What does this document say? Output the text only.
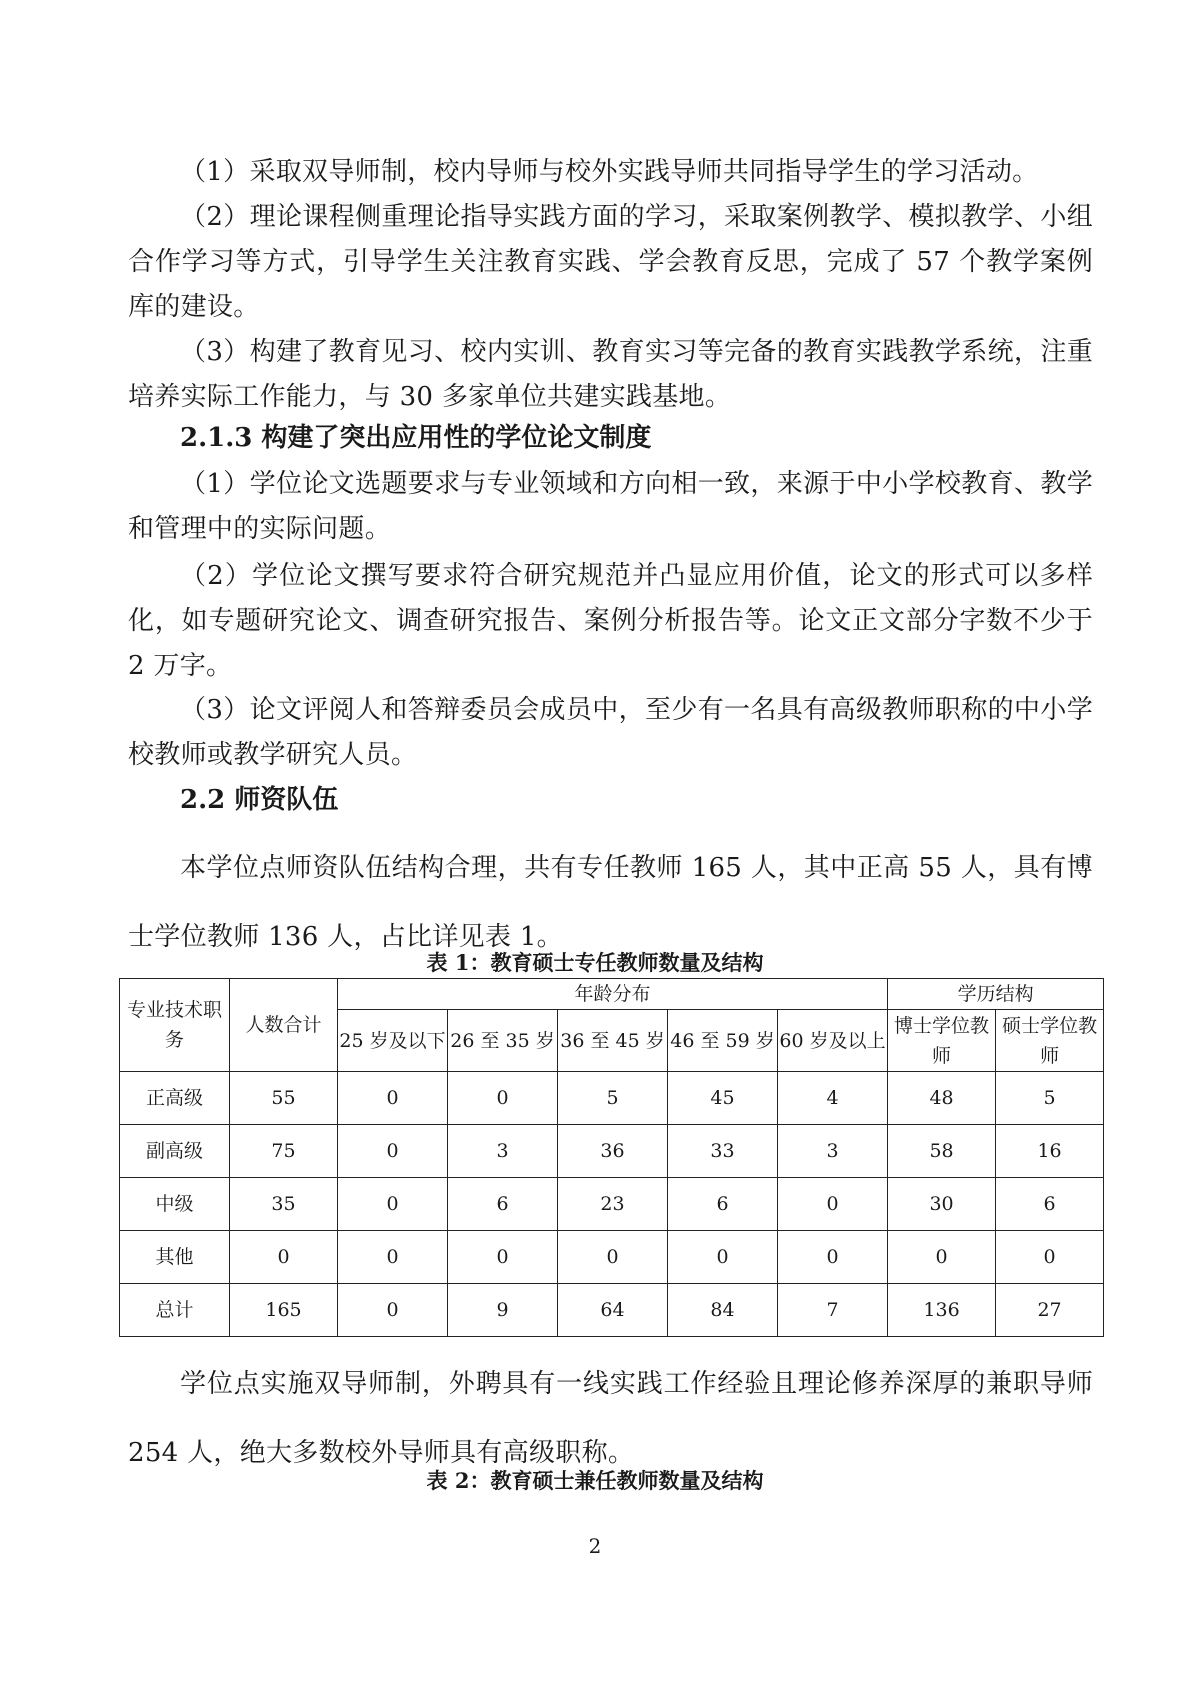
（1）采取双导师制，校内导师与校外实践导师共同指导学生的学习活动。

（2）理论课程侧重理论指导实践方面的学习，采取案例教学、模拟教学、小组合作学习等方式，引导学生关注教育实践、学会教育反思，完成了 57 个教学案例库的建设。

（3）构建了教育见习、校内实训、教育实习等完备的教育实践教学系统，注重培养实际工作能力，与 30 多家单位共建实践基地。

2.1.3 构建了突出应用性的学位论文制度

（1）学位论文选题要求与专业领域和方向相一致，来源于中小学校教育、教学和管理中的实际问题。

（2）学位论文撰写要求符合研究规范并凸显应用价值，论文的形式可以多样化，如专题研究论文、调查研究报告、案例分析报告等。论文正文部分字数不少于 2 万字。

（3）论文评阅人和答辩委员会成员中，至少有一名具有高级教师职称的中小学校教师或教学研究人员。

2.2 师资队伍

本学位点师资队伍结构合理，共有专任教师 165 人，其中正高 55 人，具有博士学位教师 136 人，占比详见表 1。

表 1：教育硕士专任教师数量及结构

专业技术职务	人数合计	年龄分布					学历结构	
		25 岁及以下	26 至 35 岁	36 至 45 岁	46 至 59 岁	60 岁及以上	博士学位教师	硕士学位教师
正高级	55	0	0	5	45	4	48	5
副高级	75	0	3	36	33	3	58	16
中级	35	0	6	23	6	0	30	6
其他	0	0	0	0	0	0	0	0
总计	165	0	9	64	84	7	136	27

学位点实施双导师制，外聘具有一线实践工作经验且理论修养深厚的兼职导师 254 人，绝大多数校外导师具有高级职称。

表 2：教育硕士兼任教师数量及结构

2
